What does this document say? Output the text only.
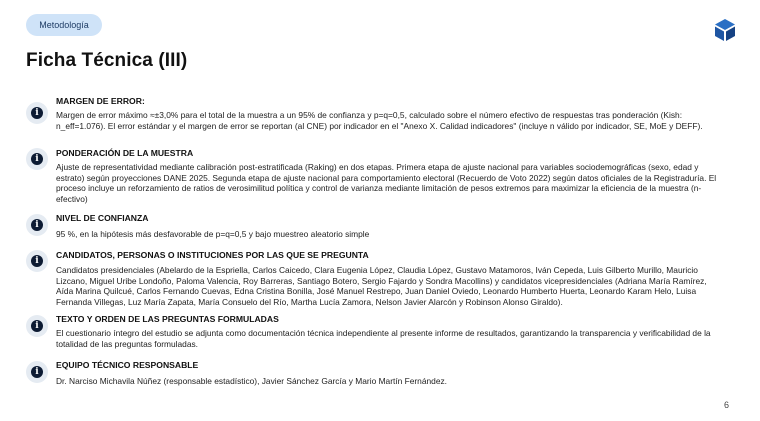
Metodología
Ficha Técnica (III)
i

MARGEN DE ERROR:

Margen de error máximo ≈±3,0% para el total de la muestra a un 95% de confianza y p=q=0,5, calculado sobre el número efectivo de respuestas tras ponderación (Kish: n_eff=1.076). El error estándar y el margen de error se reportan (al CNE) por indicador en el "Anexo X. Calidad indicadores" (incluye n válido por indicador, SE, MoE y DEFF).

i

PONDERACIÓN DE LA MUESTRA

Ajuste de representatividad mediante calibración post-estratificada (Raking) en dos etapas. Primera etapa de ajuste nacional para variables sociodemográficas (sexo, edad y estrato) según proyecciones DANE 2025. Segunda etapa de ajuste nacional para comportamiento electoral (Recuerdo de Voto 2022) según datos oficiales de la Registraduría. El proceso incluye un reforzamiento de ratios de verosimilitud política y control de varianza mediante limitación de pesos extremos para maximizar la eficiencia de la muestra (n-efectivo)

i

NIVEL DE CONFIANZA

95 %, en la hipótesis más desfavorable de p=q=0,5 y bajo muestreo aleatorio simple

i

CANDIDATOS, PERSONAS O INSTITUCIONES POR LAS QUE SE PREGUNTA

Candidatos presidenciales (Abelardo de la Espriella, Carlos Caicedo, Clara Eugenia López, Claudia López, Gustavo Matamoros, Iván Cepeda, Luis Gilberto Murillo, Mauricio Lizcano, Miguel Uribe Londoño, Paloma Valencia, Roy Barreras, Santiago Botero, Sergio Fajardo y Sondra Macollins) y candidatos vicepresidenciales (Adriana María Ramírez, Aída Marina Quilcué, Carlos Fernando Cuevas, Edna Cristina Bonilla, José Manuel Restrepo, Juan Daniel Oviedo, Leonardo Humberto Huerta, Leonardo Karam Helo, Luisa Fernanda Villegas, Luz María Zapata, María Consuelo del Río, Martha Lucía Zamora, Nelson Javier Alarcón y Robinson Alonso Giraldo).

i

TEXTO Y ORDEN DE LAS PREGUNTAS FORMULADAS

El cuestionario íntegro del estudio se adjunta como documentación técnica independiente al presente informe de resultados, garantizando la transparencia y verificabilidad de la totalidad de las preguntas formuladas.

i

EQUIPO TÉCNICO RESPONSABLE

Dr. Narciso Michavila Núñez (responsable estadístico), Javier Sánchez García y Mario Martín Fernández.

6
